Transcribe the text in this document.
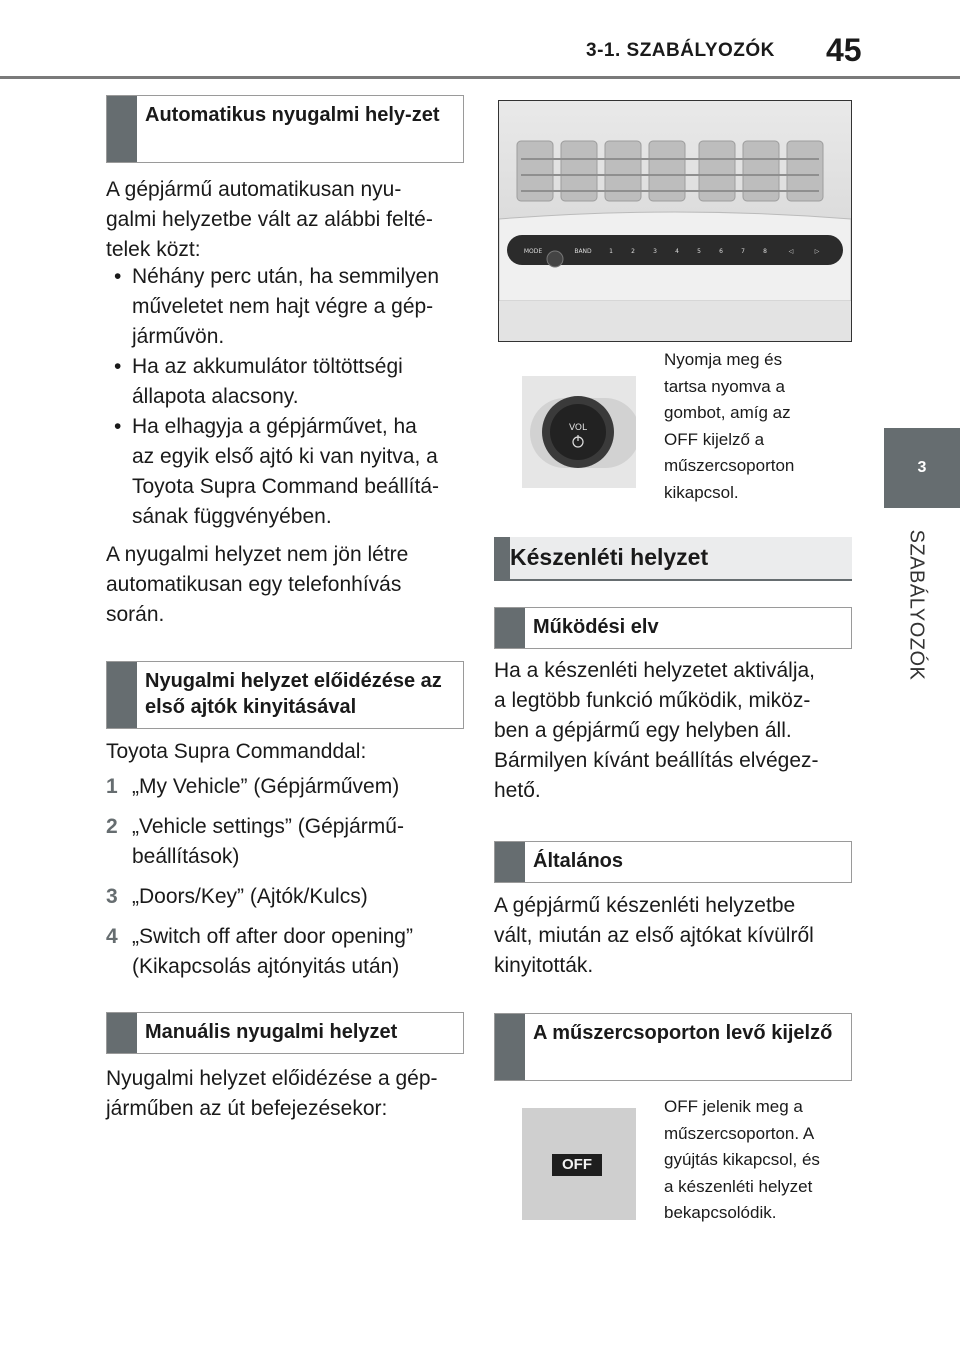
3-1. SZABÁLYOZÓK 45
3
SZABÁLYOZÓK
Automatikus nyugalmi hely-zet
A gépjármű automatikusan nyu-
galmi helyzetbe vált az alábbi felté-
telek közt:
• Néhány perc után, ha semmilyen
műveletet nem hajt végre a gép-
járművön.
• Ha az akkumulátor töltöttségi
állapota alacsony.
• Ha elhagyja a gépjárművet, ha
az egyik első ajtó ki van nyitva, a
Toyota Supra Command beállítá-
sának függvényében.
A nyugalmi helyzet nem jön létre
automatikusan egy telefonhívás
során.
Nyugalmi helyzet előidézése az első ajtók kinyitásával
Toyota Supra Commanddal:
1 „My Vehicle” (Gépjárművem)
2 „Vehicle settings” (Gépjármű-
beállítások)
3 „Doors/Key” (Ajtók/Kulcs)
4 „Switch off after door opening”
(Kikapcsolás ajtónyitás után)
Manuális nyugalmi helyzet
Nyugalmi helyzet előidézése a gép-
járműben az út befejezésekor:
MODE	BAND	1	2	3	4	5	6	7	8	◁	▷
VOL
Nyomja meg és
tartsa nyomva a
gombot, amíg az
OFF kijelző a
műszercsoporton
kikapcsol.
Készenléti helyzet
Működési elv
Ha a készenléti helyzetet aktiválja,
a legtöbb funkció működik, miköz-
ben a gépjármű egy helyben áll.
Bármilyen kívánt beállítás elvégez-
hető.
Általános
A gépjármű készenléti helyzetbe
vált, miután az első ajtókat kívülről
kinyitották.
A műszercsoporton levő kijelző
OFF
OFF jelenik meg a
műszercsoporton. A
gyújtás kikapcsol, és
a készenléti helyzet
bekapcsolódik.
